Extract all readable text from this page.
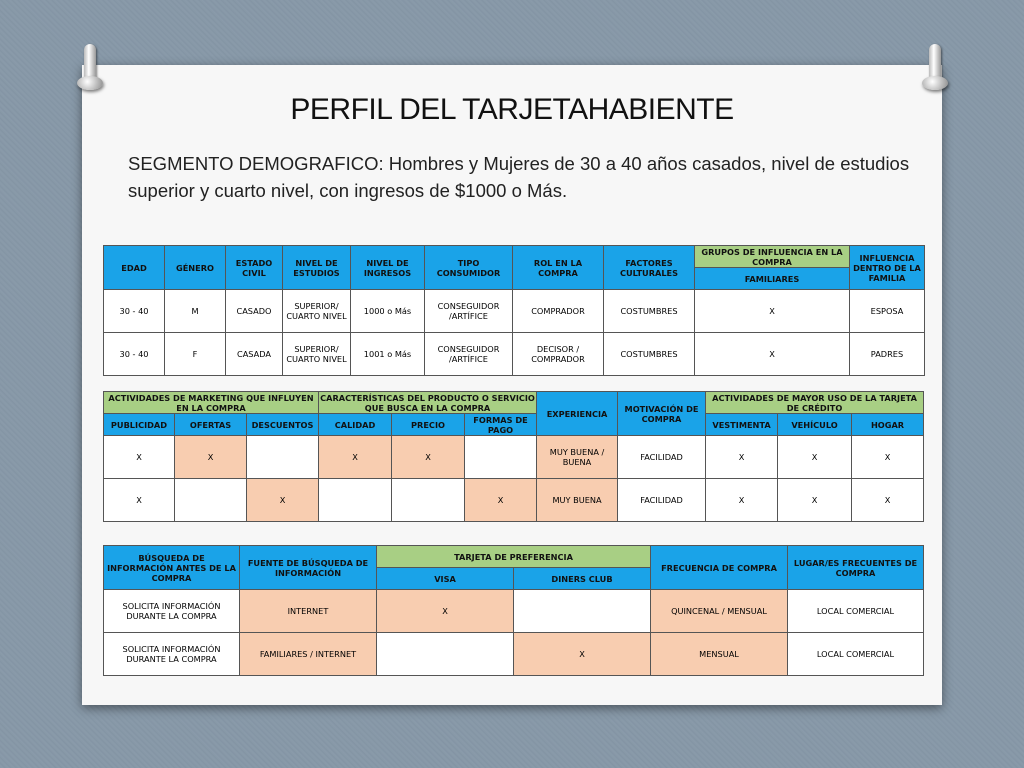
PERFIL DEL TARJETAHABIENTE
SEGMENTO DEMOGRAFICO: Hombres y Mujeres de 30 a 40 años casados, nivel de estudios superior y cuarto nivel, con ingresos de $1000 o Más.
EDAD	GÉNERO	ESTADO CIVIL	NIVEL DE ESTUDIOS	NIVEL DE INGRESOS	TIPO CONSUMIDOR	ROL EN LA COMPRA	FACTORES CULTURALES	GRUPOS DE INFLUENCIA EN LA COMPRA	INFLUENCIA DENTRO DE LA FAMILIA
								FAMILIARES	
30 - 40	M	CASADO	SUPERIOR/ CUARTO NIVEL	1000 o Más	CONSEGUIDOR /ARTÍFICE	COMPRADOR	COSTUMBRES	X	ESPOSA
30 - 40	F	CASADA	SUPERIOR/ CUARTO NIVEL	1001 o Más	CONSEGUIDOR /ARTÍFICE	DECISOR / COMPRADOR	COSTUMBRES	X	PADRES
ACTIVIDADES DE MARKETING QUE INFLUYEN EN LA COMPRA			CARACTERÍSTICAS DEL PRODUCTO O SERVICIO QUE BUSCA EN LA COMPRA			EXPERIENCIA	MOTIVACIÓN DE COMPRA	ACTIVIDADES DE MAYOR USO DE LA TARJETA DE CRÉDITO		
PUBLICIDAD	OFERTAS	DESCUENTOS	CALIDAD	PRECIO	FORMAS DE PAGO			VESTIMENTA	VEHÍCULO	HOGAR
X	X		X	X		MUY BUENA / BUENA	FACILIDAD	X	X	X
X		X			X	MUY BUENA	FACILIDAD	X	X	X
BÚSQUEDA DE INFORMACIÓN ANTES DE LA COMPRA	FUENTE DE BÚSQUEDA DE INFORMACIÓN	TARJETA DE PREFERENCIA		FRECUENCIA DE COMPRA	LUGAR/ES FRECUENTES DE COMPRA
		VISA	DINERS CLUB		
SOLICITA INFORMACIÓN DURANTE LA COMPRA	INTERNET	X		QUINCENAL / MENSUAL	LOCAL COMERCIAL
SOLICITA INFORMACIÓN DURANTE LA COMPRA	FAMILIARES / INTERNET		X	MENSUAL	LOCAL COMERCIAL
